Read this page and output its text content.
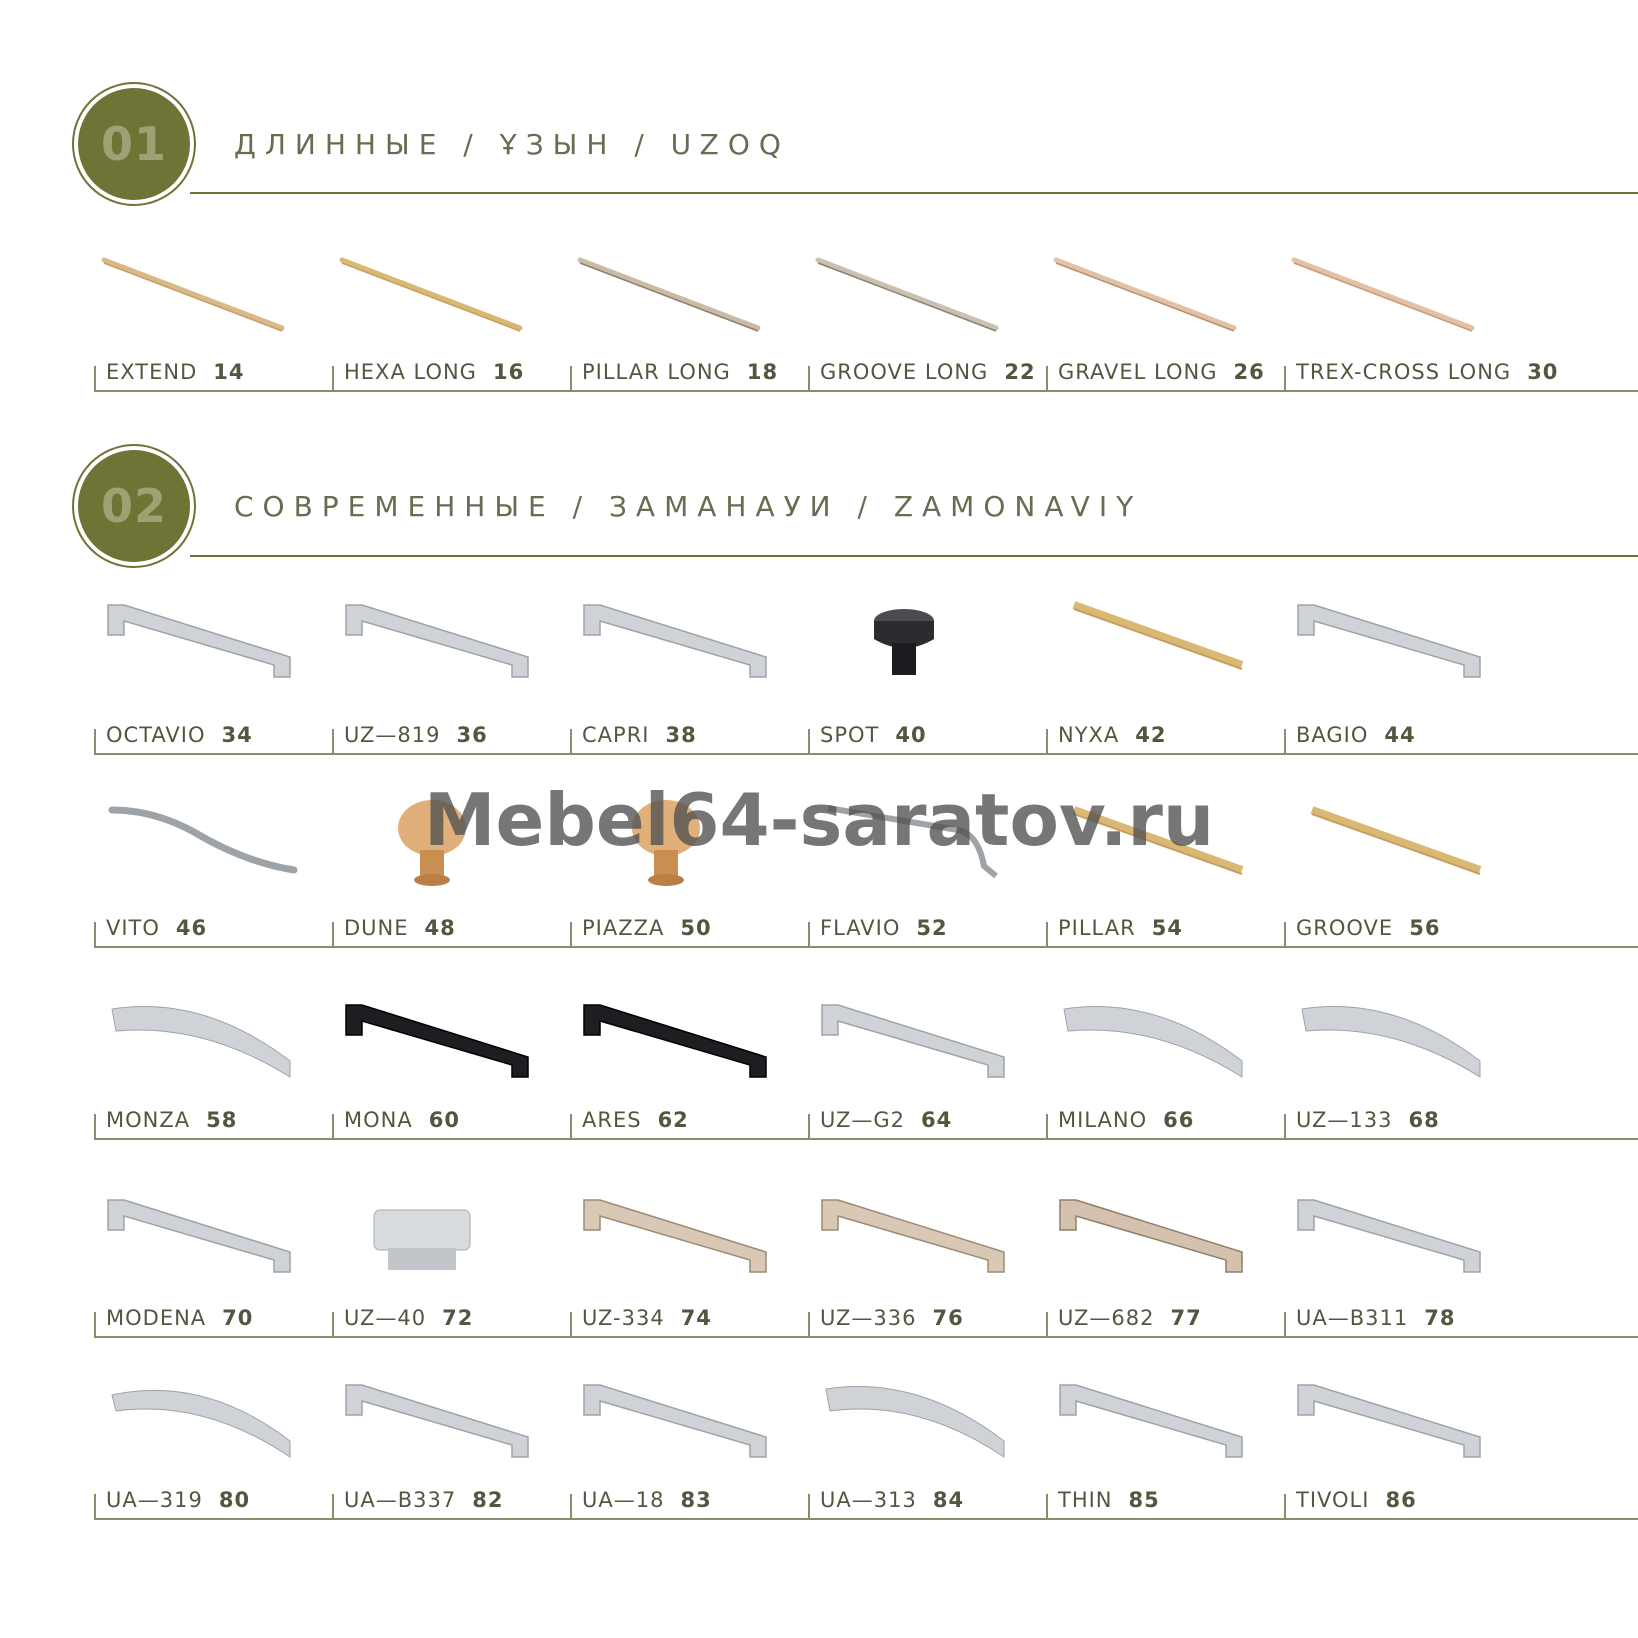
01 ДЛИННЫЕ / ҰЗЫН / UZOQ
02 СОВРЕМЕННЫЕ / ЗАМАНАУИ / ZAMONAVIY
EXTEND 14	HEXA LONG 16	PILLAR LONG 18 GROOVE LONG 22 GRAVEL LONG 26 TREX-CROSS LONG 30
OCTAVIO 34	UZ—819 36	CAPRI 38	SPOT 40	NYXA 42	BAGIO 44
VITO 46	DUNE 48	PIAZZA 50	FLAVIO 52	PILLAR 54	GROOVE 56
MONZA 58	MONA 60	ARES 62	UZ—G2 64	MILANO 66	UZ—133 68
MODENA 70	UZ—40 72	UZ-334 74	UZ—336 76	UZ—682 77	UA—B311 78
UA—319 80	UA—B337 82	UA—18 83	UA—313 84	THIN 85	TIVOLI 86
Mebel64-saratov.ru
